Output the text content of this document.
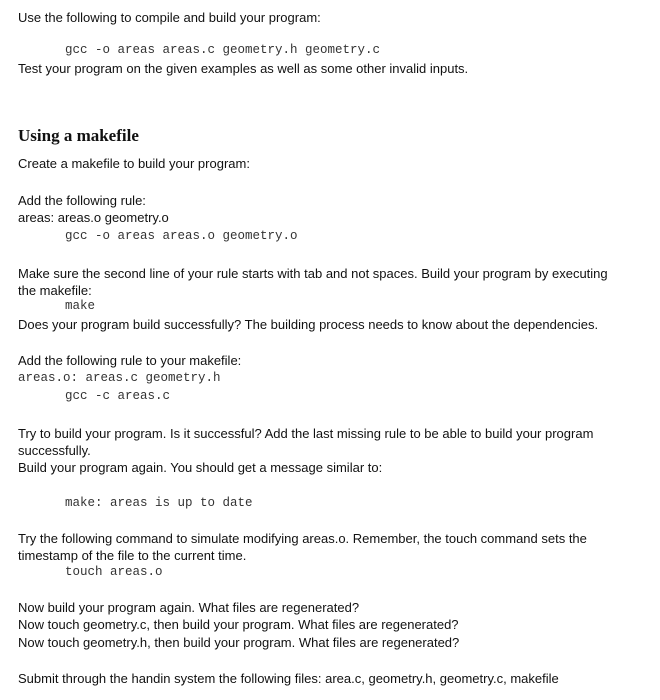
Use the following to compile and build your program:

gcc -o areas areas.c geometry.h geometry.c

Test your program on the given examples as well as some other invalid inputs.

Using a makefile

Create a makefile to build your program:

Add the following rule:

areas: areas.o geometry.o

gcc -o areas areas.o geometry.o

Make sure the second line of your rule starts with tab and not spaces. Build your program by executing the makefile:

make

Does your program build successfully? The building process needs to know about the dependencies.

Add the following rule to your makefile:

areas.o: areas.c geometry.h
gcc -c areas.c

Try to build your program. Is it successful? Add the last missing rule to be able to build your program successfully.

Build your program again. You should get a message similar to:

make: areas is up to date

Try the following command to simulate modifying areas.o. Remember, the touch command sets the timestamp of the file to the current time.

touch areas.o

Now build your program again. What files are regenerated?

Now touch geometry.c, then build your program. What files are regenerated?

Now touch geometry.h, then build your program. What files are regenerated?

Submit through the handin system the following files: area.c, geometry.h, geometry.c, makefile
